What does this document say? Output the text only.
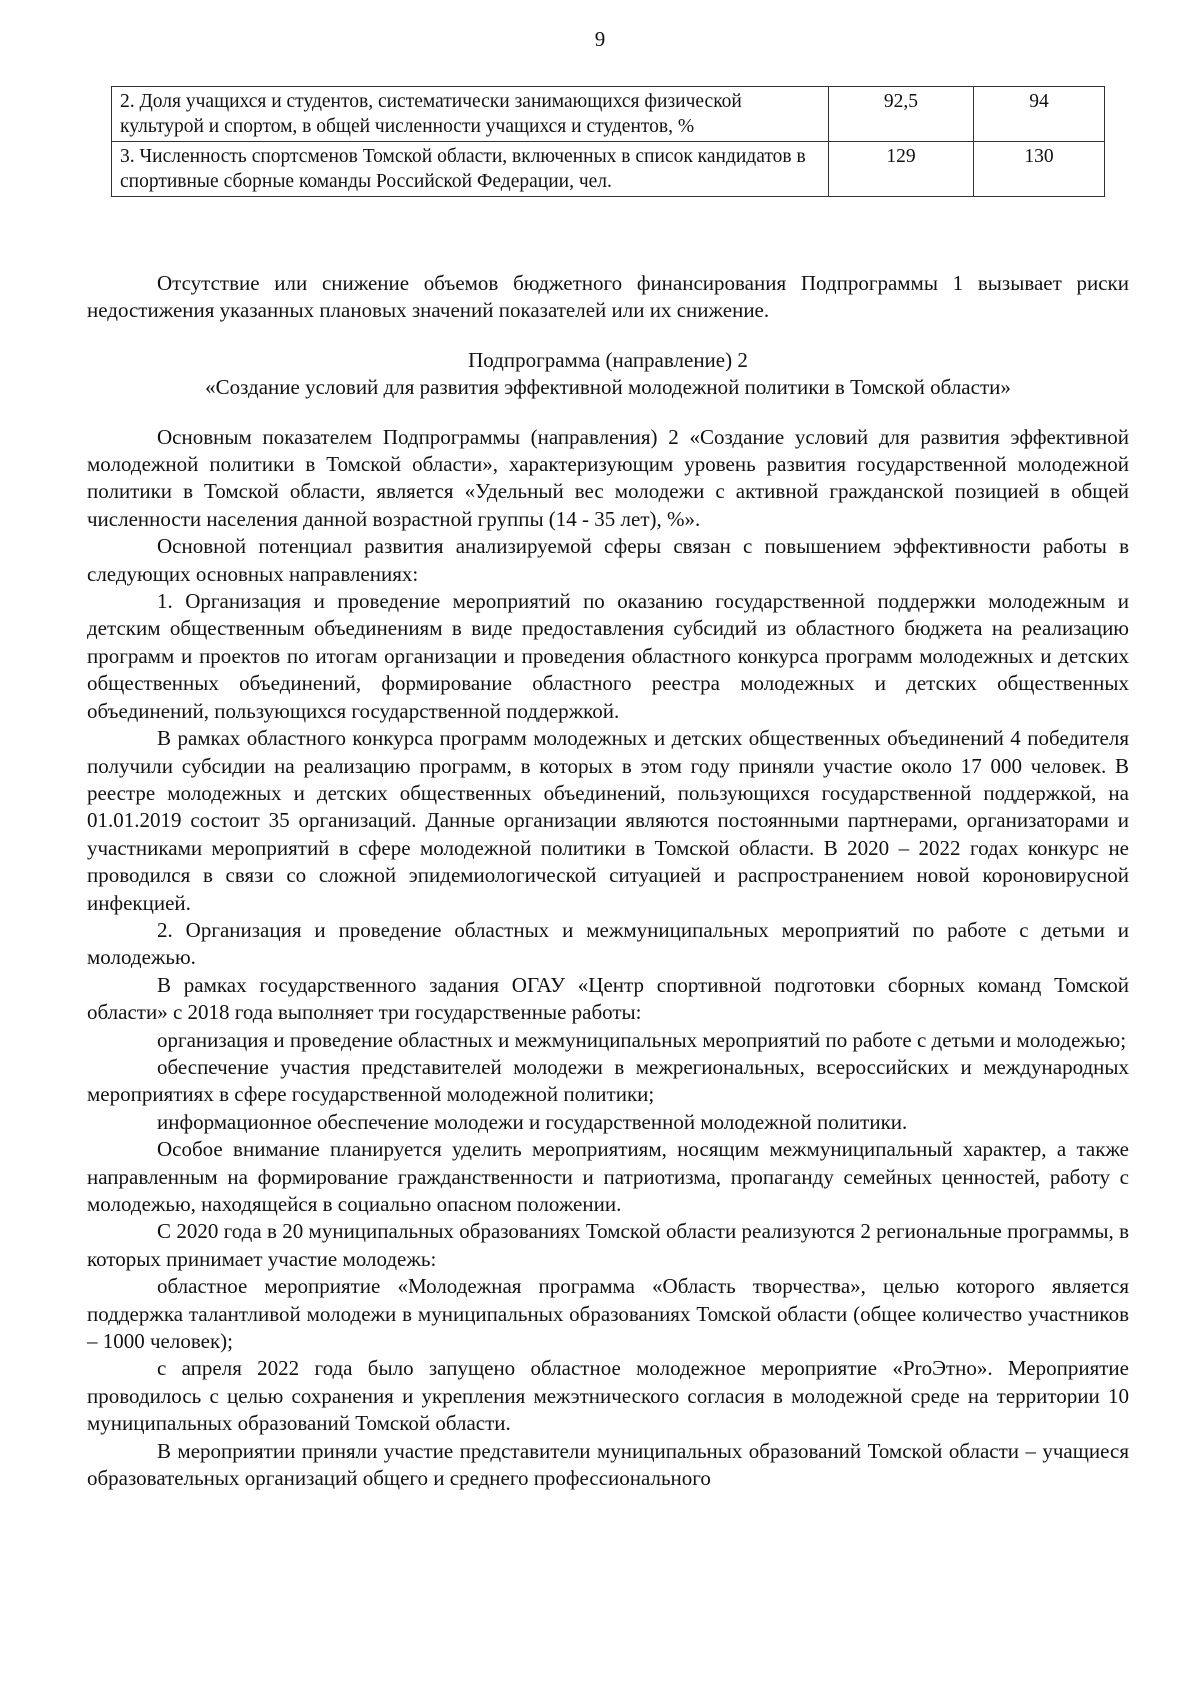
9
2. Доля учащихся и студентов, систематически занимающихся физической культурой и спортом, в общей численности учащихся и студентов, %	92,5	94
3. Численность спортсменов Томской области, включенных в список кандидатов в спортивные сборные команды Российской Федерации, чел.	129	130

Отсутствие или снижение объемов бюджетного финансирования Подпрограммы 1 вызывает риски недостижения указанных плановых значений показателей или их снижение.

Подпрограмма (направление) 2

«Создание условий для развития эффективной молодежной политики в Томской области»

Основным показателем Подпрограммы (направления) 2 «Создание условий для развития эффективной молодежной политики в Томской области», характеризующим уровень развития государственной молодежной политики в Томской области, является «Удельный вес молодежи с активной гражданской позицией в общей численности населения данной возрастной группы (14 - 35 лет), %».

Основной потенциал развития анализируемой сферы связан с повышением эффективности работы в следующих основных направлениях:

1. Организация и проведение мероприятий по оказанию государственной поддержки молодежным и детским общественным объединениям в виде предоставления субсидий из областного бюджета на реализацию программ и проектов по итогам организации и проведения областного конкурса программ молодежных и детских общественных объединений, формирование областного реестра молодежных и детских общественных объединений, пользующихся государственной поддержкой.

В рамках областного конкурса программ молодежных и детских общественных объединений 4 победителя получили субсидии на реализацию программ, в которых в этом году приняли участие около 17 000 человек. В реестре молодежных и детских общественных объединений, пользующихся государственной поддержкой, на 01.01.2019 состоит 35 организаций. Данные организации являются постоянными партнерами, организаторами и участниками мероприятий в сфере молодежной политики в Томской области. В 2020 – 2022 годах конкурс не проводился в связи со сложной эпидемиологической ситуацией и распространением новой короновирусной инфекцией.

2. Организация и проведение областных и межмуниципальных мероприятий по работе с детьми и молодежью.

В рамках государственного задания ОГАУ «Центр спортивной подготовки сборных команд Томской области» с 2018 года выполняет три государственные работы:

организация и проведение областных и межмуниципальных мероприятий по работе с детьми и молодежью;

обеспечение участия представителей молодежи в межрегиональных, всероссийских и международных мероприятиях в сфере государственной молодежной политики;

информационное обеспечение молодежи и государственной молодежной политики.

Особое внимание планируется уделить мероприятиям, носящим межмуниципальный характер, а также направленным на формирование гражданственности и патриотизма, пропаганду семейных ценностей, работу с молодежью, находящейся в социально опасном положении.

С 2020 года в 20 муниципальных образованиях Томской области реализуются 2 региональные программы, в которых принимает участие молодежь:

областное мероприятие «Молодежная программа «Область творчества», целью которого является поддержка талантливой молодежи в муниципальных образованиях Томской области (общее количество участников – 1000 человек);

с апреля 2022 года было запущено областное молодежное мероприятие «ProЭтно». Мероприятие проводилось с целью сохранения и укрепления межэтнического согласия в молодежной среде на территории 10 муниципальных образований Томской области.

В мероприятии приняли участие представители муниципальных образований Томской области – учащиеся образовательных организаций общего и среднего профессионального
